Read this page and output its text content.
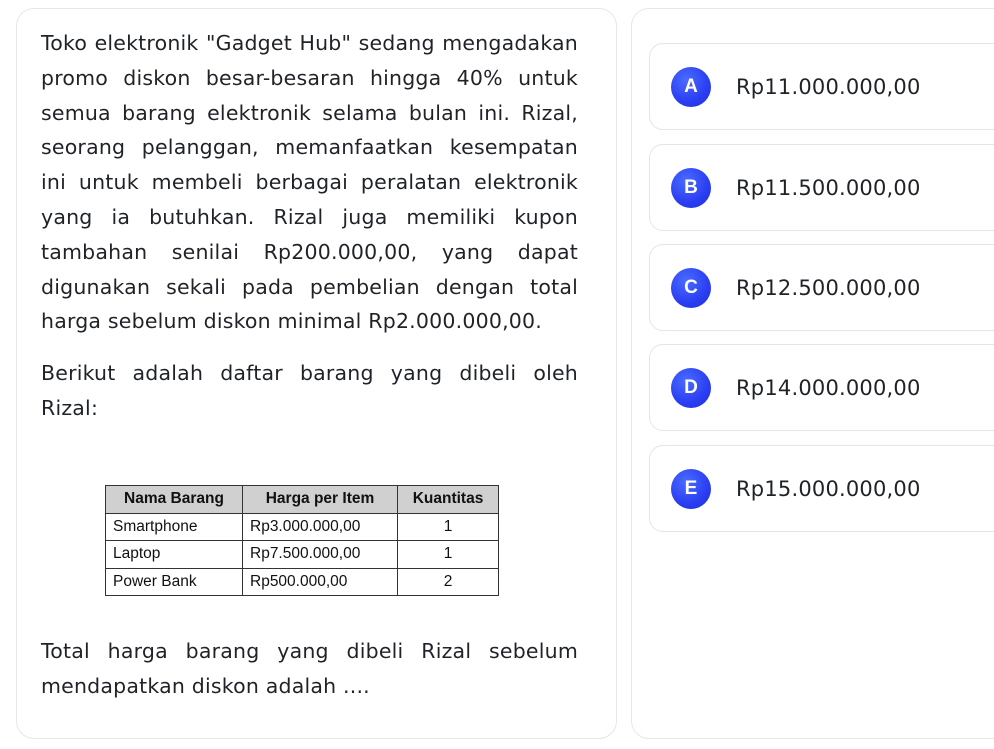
Toko elektronik "Gadget Hub" sedang mengadakan promo diskon besar-besaran hingga 40% untuk semua barang elektronik selama bulan ini. Rizal, seorang pelanggan, memanfaatkan kesempatan ini untuk membeli berbagai peralatan elektronik yang ia butuhkan. Rizal juga memiliki kupon tambahan senilai Rp200.000,00, yang dapat digunakan sekali pada pembelian dengan total harga sebelum diskon minimal Rp2.000.000,00.

Berikut adalah daftar barang yang dibeli oleh Rizal:

Nama Barang	Harga per Item	Kuantitas
Smartphone	Rp3.000.000,00	1
Laptop	Rp7.500.000,00	1
Power Bank	Rp500.000,00	2

Total harga barang yang dibeli Rizal sebelum mendapatkan diskon adalah ....

A	Rp11.000.000,00
B	Rp11.500.000,00
C	Rp12.500.000,00
D	Rp14.000.000,00
E	Rp15.000.000,00
